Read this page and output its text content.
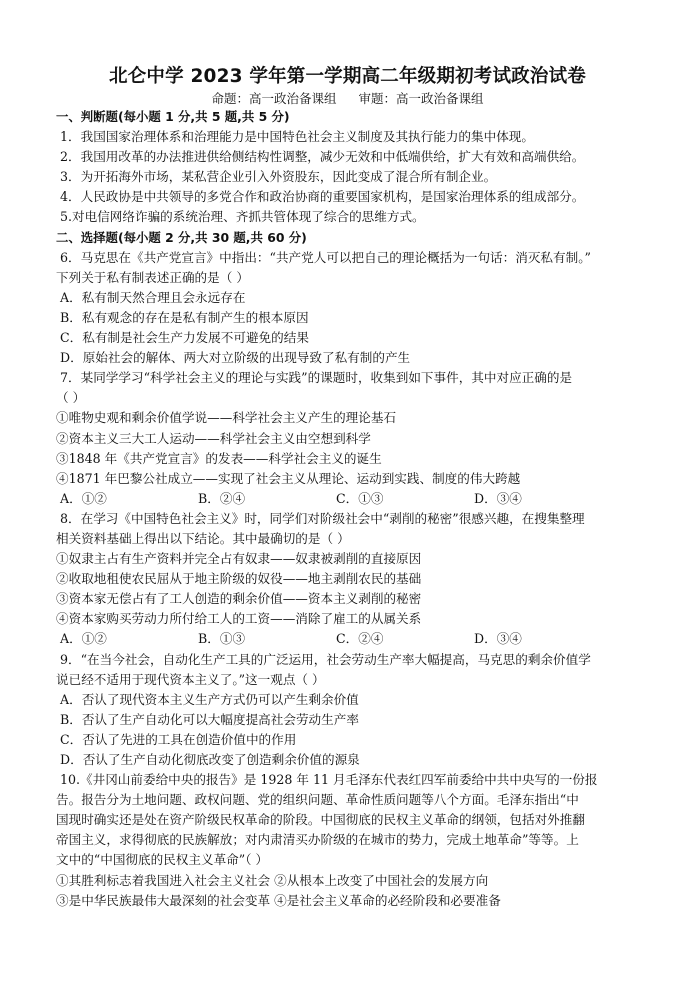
北仑中学 2023 学年第一学期高二年级期初考试政治试卷
命题：高一政治备课组 审题：高一政治备课组
一、判断题(每小题 1 分,共 5 题,共 5 分)
1．我国国家治理体系和治理能力是中国特色社会主义制度及其执行能力的集中体现。
2．我国用改革的办法推进供给侧结构性调整，减少无效和中低端供给，扩大有效和高端供给。
3．为开拓海外市场，某私营企业引入外资股东，因此变成了混合所有制企业。
4．人民政协是中共领导的多党合作和政治协商的重要国家机构，是国家治理体系的组成部分。
5.对电信网络诈骗的系统治理、齐抓共管体现了综合的思维方式。
二、选择题(每小题 2 分,共 30 题,共 60 分)
6．马克思在《共产党宣言》中指出：“共产党人可以把自己的理论概括为一句话：消灭私有制。”
下列关于私有制表述正确的是（ ）
A．私有制天然合理且会永远存在
B．私有观念的存在是私有制产生的根本原因
C．私有制是社会生产力发展不可避免的结果
D．原始社会的解体、两大对立阶级的出现导致了私有制的产生
7．某同学学习“科学社会主义的理论与实践”的课题时，收集到如下事件，其中对应正确的是
（ ）
①唯物史观和剩余价值学说——科学社会主义产生的理论基石
②资本主义三大工人运动——科学社会主义由空想到科学
③1848 年《共产党宣言》的发表——科学社会主义的诞生
④1871 年巴黎公社成立——实现了社会主义从理论、运动到实践、制度的伟大跨越
A．①②	B．②④	C．①③	D．③④
8．在学习《中国特色社会主义》时，同学们对阶级社会中“剥削的秘密”很感兴趣，在搜集整理
相关资料基础上得出以下结论。其中最确切的是（ ）
①奴隶主占有生产资料并完全占有奴隶——奴隶被剥削的直接原因
②收取地租使农民屈从于地主阶级的奴役——地主剥削农民的基础
③资本家无偿占有了工人创造的剩余价值——资本主义剥削的秘密
④资本家购买劳动力所付给工人的工资——消除了雇工的从属关系
A．①②	B．①③	C．②④	D．③④
9．“在当今社会，自动化生产工具的广泛运用，社会劳动生产率大幅提高，马克思的剩余价值学
说已经不适用于现代资本主义了。”这一观点（ ）
A．否认了现代资本主义生产方式仍可以产生剩余价值
B．否认了生产自动化可以大幅度提高社会劳动生产率
C．否认了先进的工具在创造价值中的作用
D．否认了生产自动化彻底改变了创造剩余价值的源泉
10.《井冈山前委给中央的报告》是 1928 年 11 月毛泽东代表红四军前委给中共中央写的一份报
告。报告分为土地问题、政权问题、党的组织问题、革命性质问题等八个方面。毛泽东指出“中
国现时确实还是处在资产阶级民权革命的阶段。中国彻底的民权主义革命的纲领，包括对外推翻
帝国主义，求得彻底的民族解放；对内肃清买办阶级的在城市的势力，完成土地革命”等等。上
文中的“中国彻底的民权主义革命”（ ）
①其胜利标志着我国进入社会主义社会 ②从根本上改变了中国社会的发展方向
③是中华民族最伟大最深刻的社会变革 ④是社会主义革命的必经阶段和必要准备
